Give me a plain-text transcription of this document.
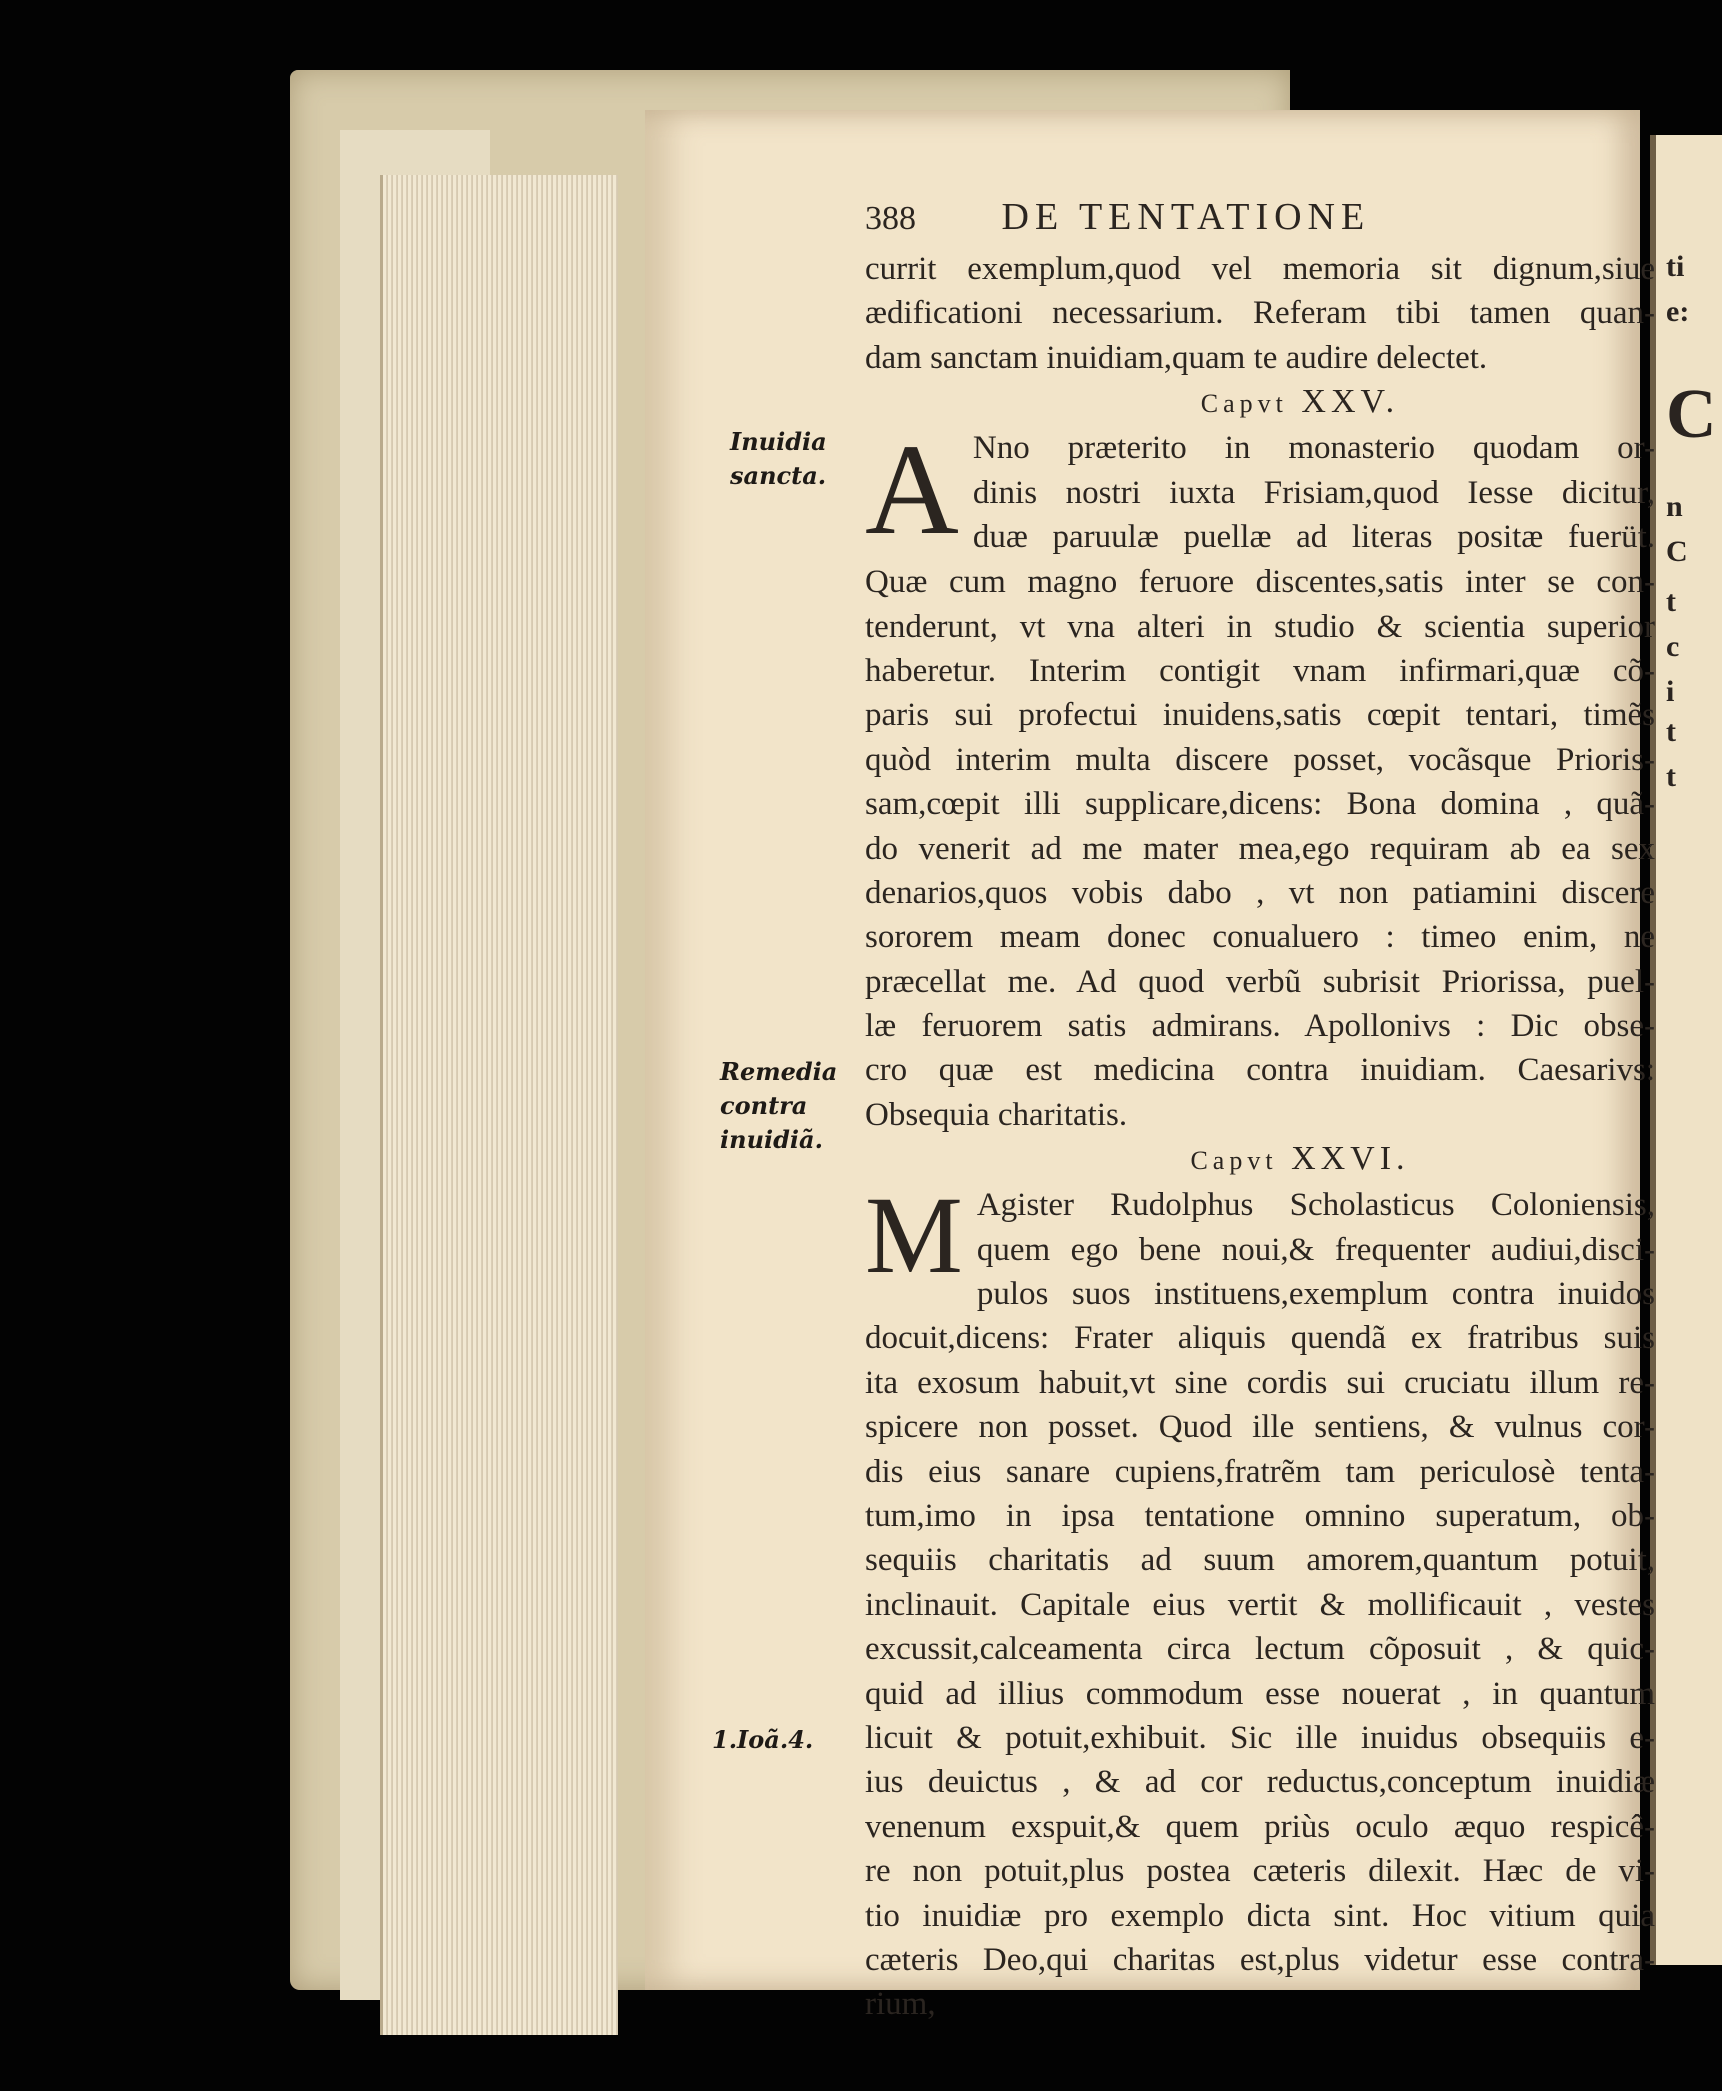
ti
e:
C
n
C
t
c
i
t
t
Inuidia
sancta.
Remedia
contra
inuidiã.
1.Ioã.4.
388 DE TENTATIONE
currit exemplum,quod vel memoria sit dignum,siue
ædificationi necessarium. Referam tibi tamen quan-
dam sanctam inuidiam,quam te audire delectet.
Capvt XXV.
A Nno præterito in monasterio quodam or-
dinis nostri iuxta Frisiam,quod Iesse dicitur,
duæ paruulæ puellæ ad literas positæ fuerüt.
Quæ cum magno feruore discentes,satis inter se con-
tenderunt, vt vna alteri in studio & scientia superior
haberetur. Interim contigit vnam infirmari,quæ cõ-
paris sui profectui inuidens,satis cœpit tentari, timẽs
quòd interim multa discere posset, vocãsque Prioris-
sam,cœpit illi supplicare,dicens: Bona domina , quã-
do venerit ad me mater mea,ego requiram ab ea sex
denarios,quos vobis dabo , vt non patiamini discere
sororem meam donec conualuero : timeo enim, ne
præcellat me. Ad quod verbũ subrisit Priorissa, puel-
læ feruorem satis admirans. Apollonivs : Dic obse-
cro quæ est medicina contra inuidiam. Caesarivs:
Obsequia charitatis.
Capvt XXVI.
M Agister Rudolphus Scholasticus Coloniensis,
quem ego bene noui,& frequenter audiui,disci-
pulos suos instituens,exemplum contra inuidos
docuit,dicens: Frater aliquis quendã ex fratribus suis
ita exosum habuit,vt sine cordis sui cruciatu illum re-
spicere non posset. Quod ille sentiens, & vulnus cor-
dis eius sanare cupiens,fratrẽm tam periculosè tenta-
tum,imo in ipsa tentatione omnino superatum, ob-
sequiis charitatis ad suum amorem,quantum potuit,
inclinauit. Capitale eius vertit & mollificauit , vestes
excussit,calceamenta circa lectum cõposuit , & quic-
quid ad illius commodum esse nouerat , in quantum
licuit & potuit,exhibuit. Sic ille inuidus obsequiis e-
ius deuictus , & ad cor reductus,conceptum inuidiæ
venenum exspuit,& quem priùs oculo æquo respicê-
re non potuit,plus postea cæteris dilexit. Hæc de vi-
tio inuidiæ pro exemplo dicta sint. Hoc vitium quia
cæteris Deo,qui charitas est,plus videtur esse contra-
rium,
